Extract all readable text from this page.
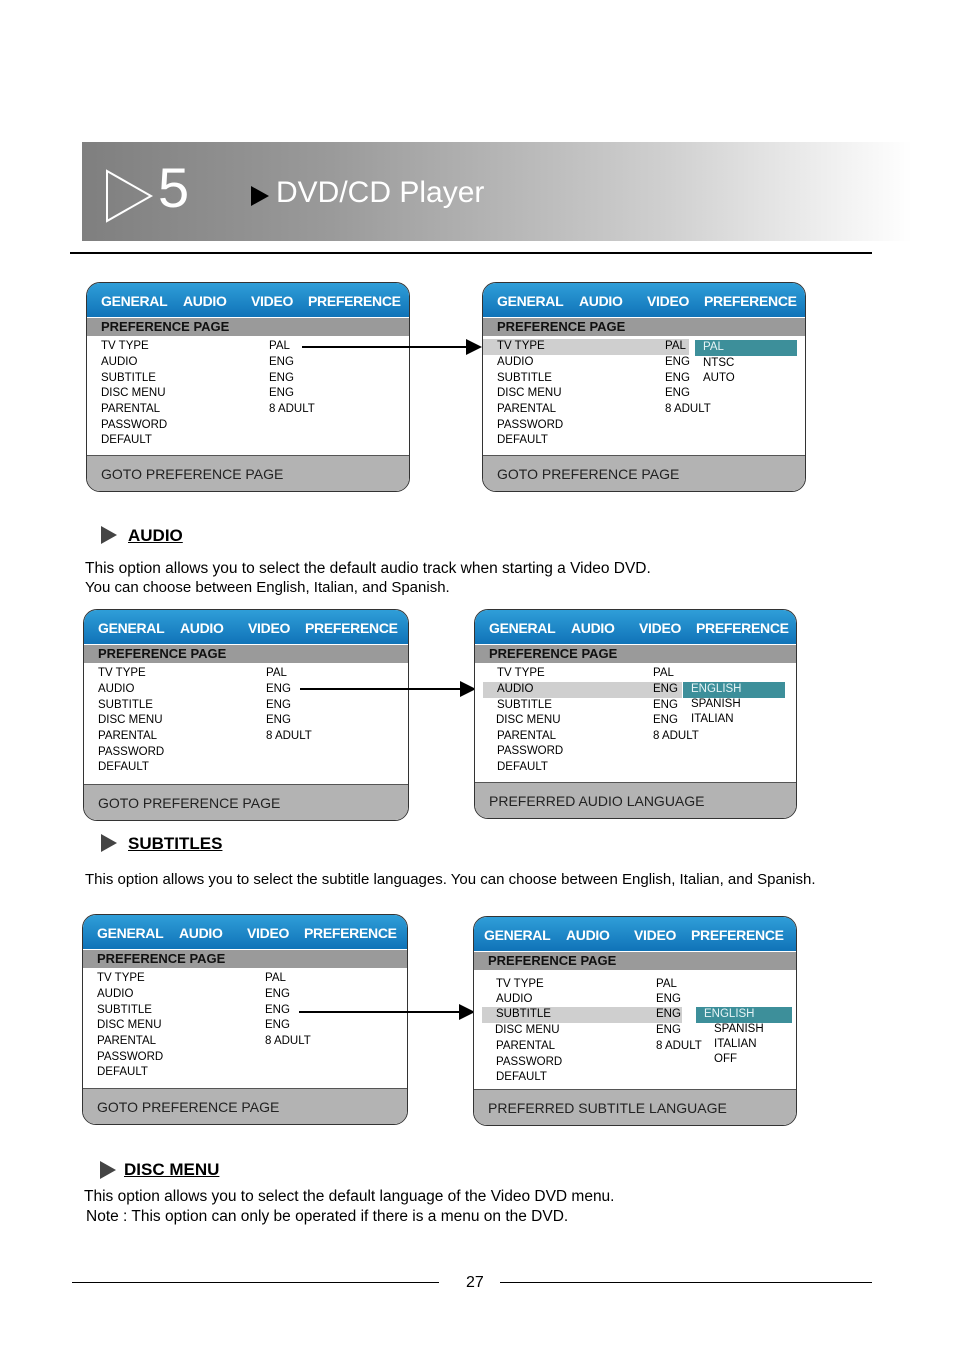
5	DVD/CD Player
GENERAL AUDIO VIDEO PREFERENCE
PREFERENCE PAGE
TV TYPE	PAL
AUDIO	ENG
SUBTITLE	ENG
DISC MENU	ENG
PARENTAL	8 ADULT
PASSWORD
DEFAULT
GOTO PREFERENCE PAGE
GENERAL AUDIO VIDEO PREFERENCE
PREFERENCE PAGE
TV TYPE	PAL
AUDIO	ENG
SUBTITLE	ENG
DISC MENU	ENG
PARENTAL	8 ADULT
PASSWORD
DEFAULT
PAL
NTSC
AUTO
GOTO PREFERENCE PAGE
AUDIO
This option allows you to select the default audio track when starting a Video DVD.
You can choose between English, Italian, and Spanish.
GENERAL AUDIO VIDEO PREFERENCE
PREFERENCE PAGE
TV TYPE	PAL
AUDIO	ENG
SUBTITLE	ENG
DISC MENU	ENG
PARENTAL	8 ADULT
PASSWORD
DEFAULT
GOTO PREFERENCE PAGE
GENERAL AUDIO VIDEO PREFERENCE
PREFERENCE PAGE
TV TYPE	PAL
AUDIO	ENG
SUBTITLE	ENG
DISC MENU	ENG
PARENTAL	8 ADULT
PASSWORD
DEFAULT
ENGLISH
SPANISH
ITALIAN
PREFERRED AUDIO LANGUAGE
SUBTITLES
This option allows you to select the subtitle languages. You can choose between English, Italian, and Spanish.
GENERAL AUDIO VIDEO PREFERENCE
PREFERENCE PAGE
TV TYPE	PAL
AUDIO	ENG
SUBTITLE	ENG
DISC MENU	ENG
PARENTAL	8 ADULT
PASSWORD
DEFAULT
GOTO PREFERENCE PAGE
GENERAL AUDIO VIDEO PREFERENCE
PREFERENCE PAGE
TV TYPE	PAL
AUDIO	ENG
SUBTITLE	ENG
DISC MENU	ENG
PARENTAL	8 ADULT
PASSWORD
DEFAULT
ENGLISH
SPANISH
ITALIAN
OFF
PREFERRED SUBTITLE LANGUAGE
DISC MENU
This option allows you to select the default language of the Video DVD menu.
Note : This option can only be operated if there is a menu on the DVD.
27
